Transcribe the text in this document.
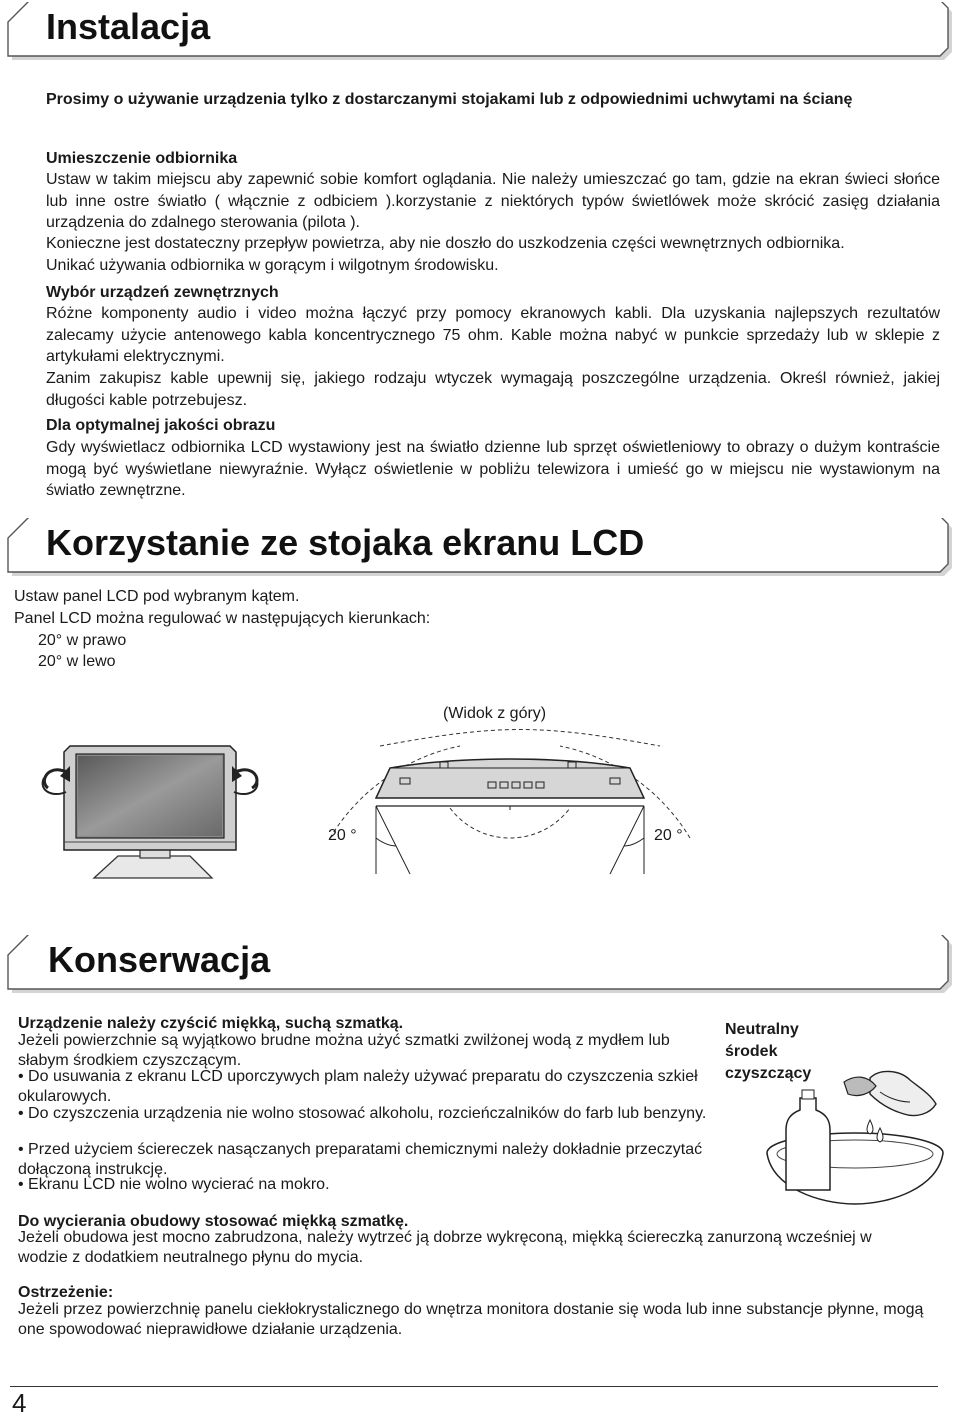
Instalacja
Prosimy o używanie urządzenia tylko z dostarczanymi stojakami lub z odpowiednimi uchwytami na ścianę
Umieszczenie odbiornika
Ustaw w takim miejscu aby zapewnić sobie komfort oglądania. Nie należy umieszczać go tam, gdzie na ekran świeci słońce lub inne ostre światło ( włącznie z odbiciem ).korzystanie z niektórych typów świetlówek może skrócić zasięg działania urządzenia do zdalnego sterowania (pilota ).
Konieczne jest dostateczny przepływ powietrza, aby nie doszło do uszkodzenia części wewnętrznych odbiornika.
Unikać używania odbiornika w gorącym i wilgotnym środowisku.
Wybór urządzeń zewnętrznych
Różne komponenty audio i video można łączyć przy pomocy ekranowych kabli. Dla uzyskania najlepszych rezultatów zalecamy użycie antenowego kabla koncentrycznego 75 ohm. Kable można nabyć w punkcie sprzedaży lub w sklepie z artykułami elektrycznymi.
Zanim zakupisz kable upewnij się, jakiego rodzaju wtyczek wymagają poszczególne urządzenia. Określ również, jakiej długości kable potrzebujesz.
Dla optymalnej jakości obrazu
Gdy wyświetlacz odbiornika LCD wystawiony jest na światło dzienne lub sprzęt oświetleniowy to obrazy o dużym kontraście mogą być wyświetlane niewyraźnie. Wyłącz oświetlenie w pobliżu telewizora i umieść go w miejscu nie wystawionym na światło zewnętrzne.
Korzystanie ze stojaka ekranu LCD
Ustaw panel LCD pod wybranym kątem.
Panel LCD można regulować w następujących kierunkach:
20° w prawo
20° w lewo
(Widok z góry)
20 °	20 °
Konserwacja
Urządzenie należy czyścić miękką, suchą szmatką.
Jeżeli powierzchnie są wyjątkowo brudne można użyć szmatki zwilżonej wodą z mydłem lub słabym środkiem czyszczącym.
• Do usuwania z ekranu LCD uporczywych plam należy używać preparatu do czyszczenia szkieł okularowych.
• Do czyszczenia urządzenia nie wolno stosować alkoholu, rozcieńczalników do farb lub benzyny.
• Przed użyciem ściereczek nasączanych preparatami chemicznymi należy dokładnie przeczytać dołączoną instrukcję.
• Ekranu LCD nie wolno wycierać na mokro.
Neutralny
środek
czyszczący
Do wycierania obudowy stosować miękką szmatkę.
Jeżeli obudowa jest mocno zabrudzona, należy wytrzeć ją dobrze wykręconą, miękką ściereczką zanurzoną wcześniej w wodzie z dodatkiem neutralnego płynu do mycia.
Ostrzeżenie:
Jeżeli przez powierzchnię panelu ciekłokrystalicznego do wnętrza monitora dostanie się woda lub inne substancje płynne, mogą one spowodować nieprawidłowe działanie urządzenia.
4
